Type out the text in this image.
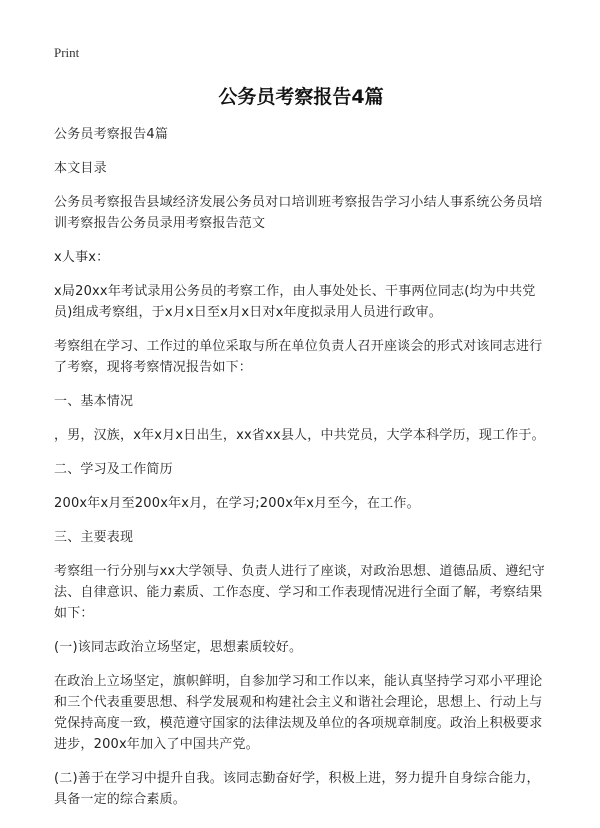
Print
公务员考察报告4篇

公务员考察报告4篇

本文目录

公务员考察报告县域经济发展公务员对口培训班考察报告学习小结人事系统公务员培训考察报告公务员录用考察报告范文

x人事x：

x局20xx年考试录用公务员的考察工作，由人事处处长、干事两位同志(均为中共党员)组成考察组，于x月x日至x月x日对x年度拟录用人员进行政审。

考察组在学习、工作过的单位采取与所在单位负责人召开座谈会的形式对该同志进行了考察，现将考察情况报告如下：

一、基本情况

，男，汉族，x年x月x日出生，xx省xx县人，中共党员，大学本科学历，现工作于。

二、学习及工作简历

200x年x月至200x年x月，在学习;200x年x月至今，在工作。

三、主要表现

考察组一行分别与xx大学领导、负责人进行了座谈，对政治思想、道德品质、遵纪守法、自律意识、能力素质、工作态度、学习和工作表现情况进行全面了解，考察结果如下：

(一)该同志政治立场坚定，思想素质较好。

在政治上立场坚定，旗帜鲜明，自参加学习和工作以来，能认真坚持学习邓小平理论和三个代表重要思想、科学发展观和构建社会主义和谐社会理论，思想上、行动上与党保持高度一致，模范遵守国家的法律法规及单位的各项规章制度。政治上积极要求进步，200x年加入了中国共产党。

(二)善于在学习中提升自我。该同志勤奋好学，积极上进，努力提升自身综合能力，具备一定的综合素质。
